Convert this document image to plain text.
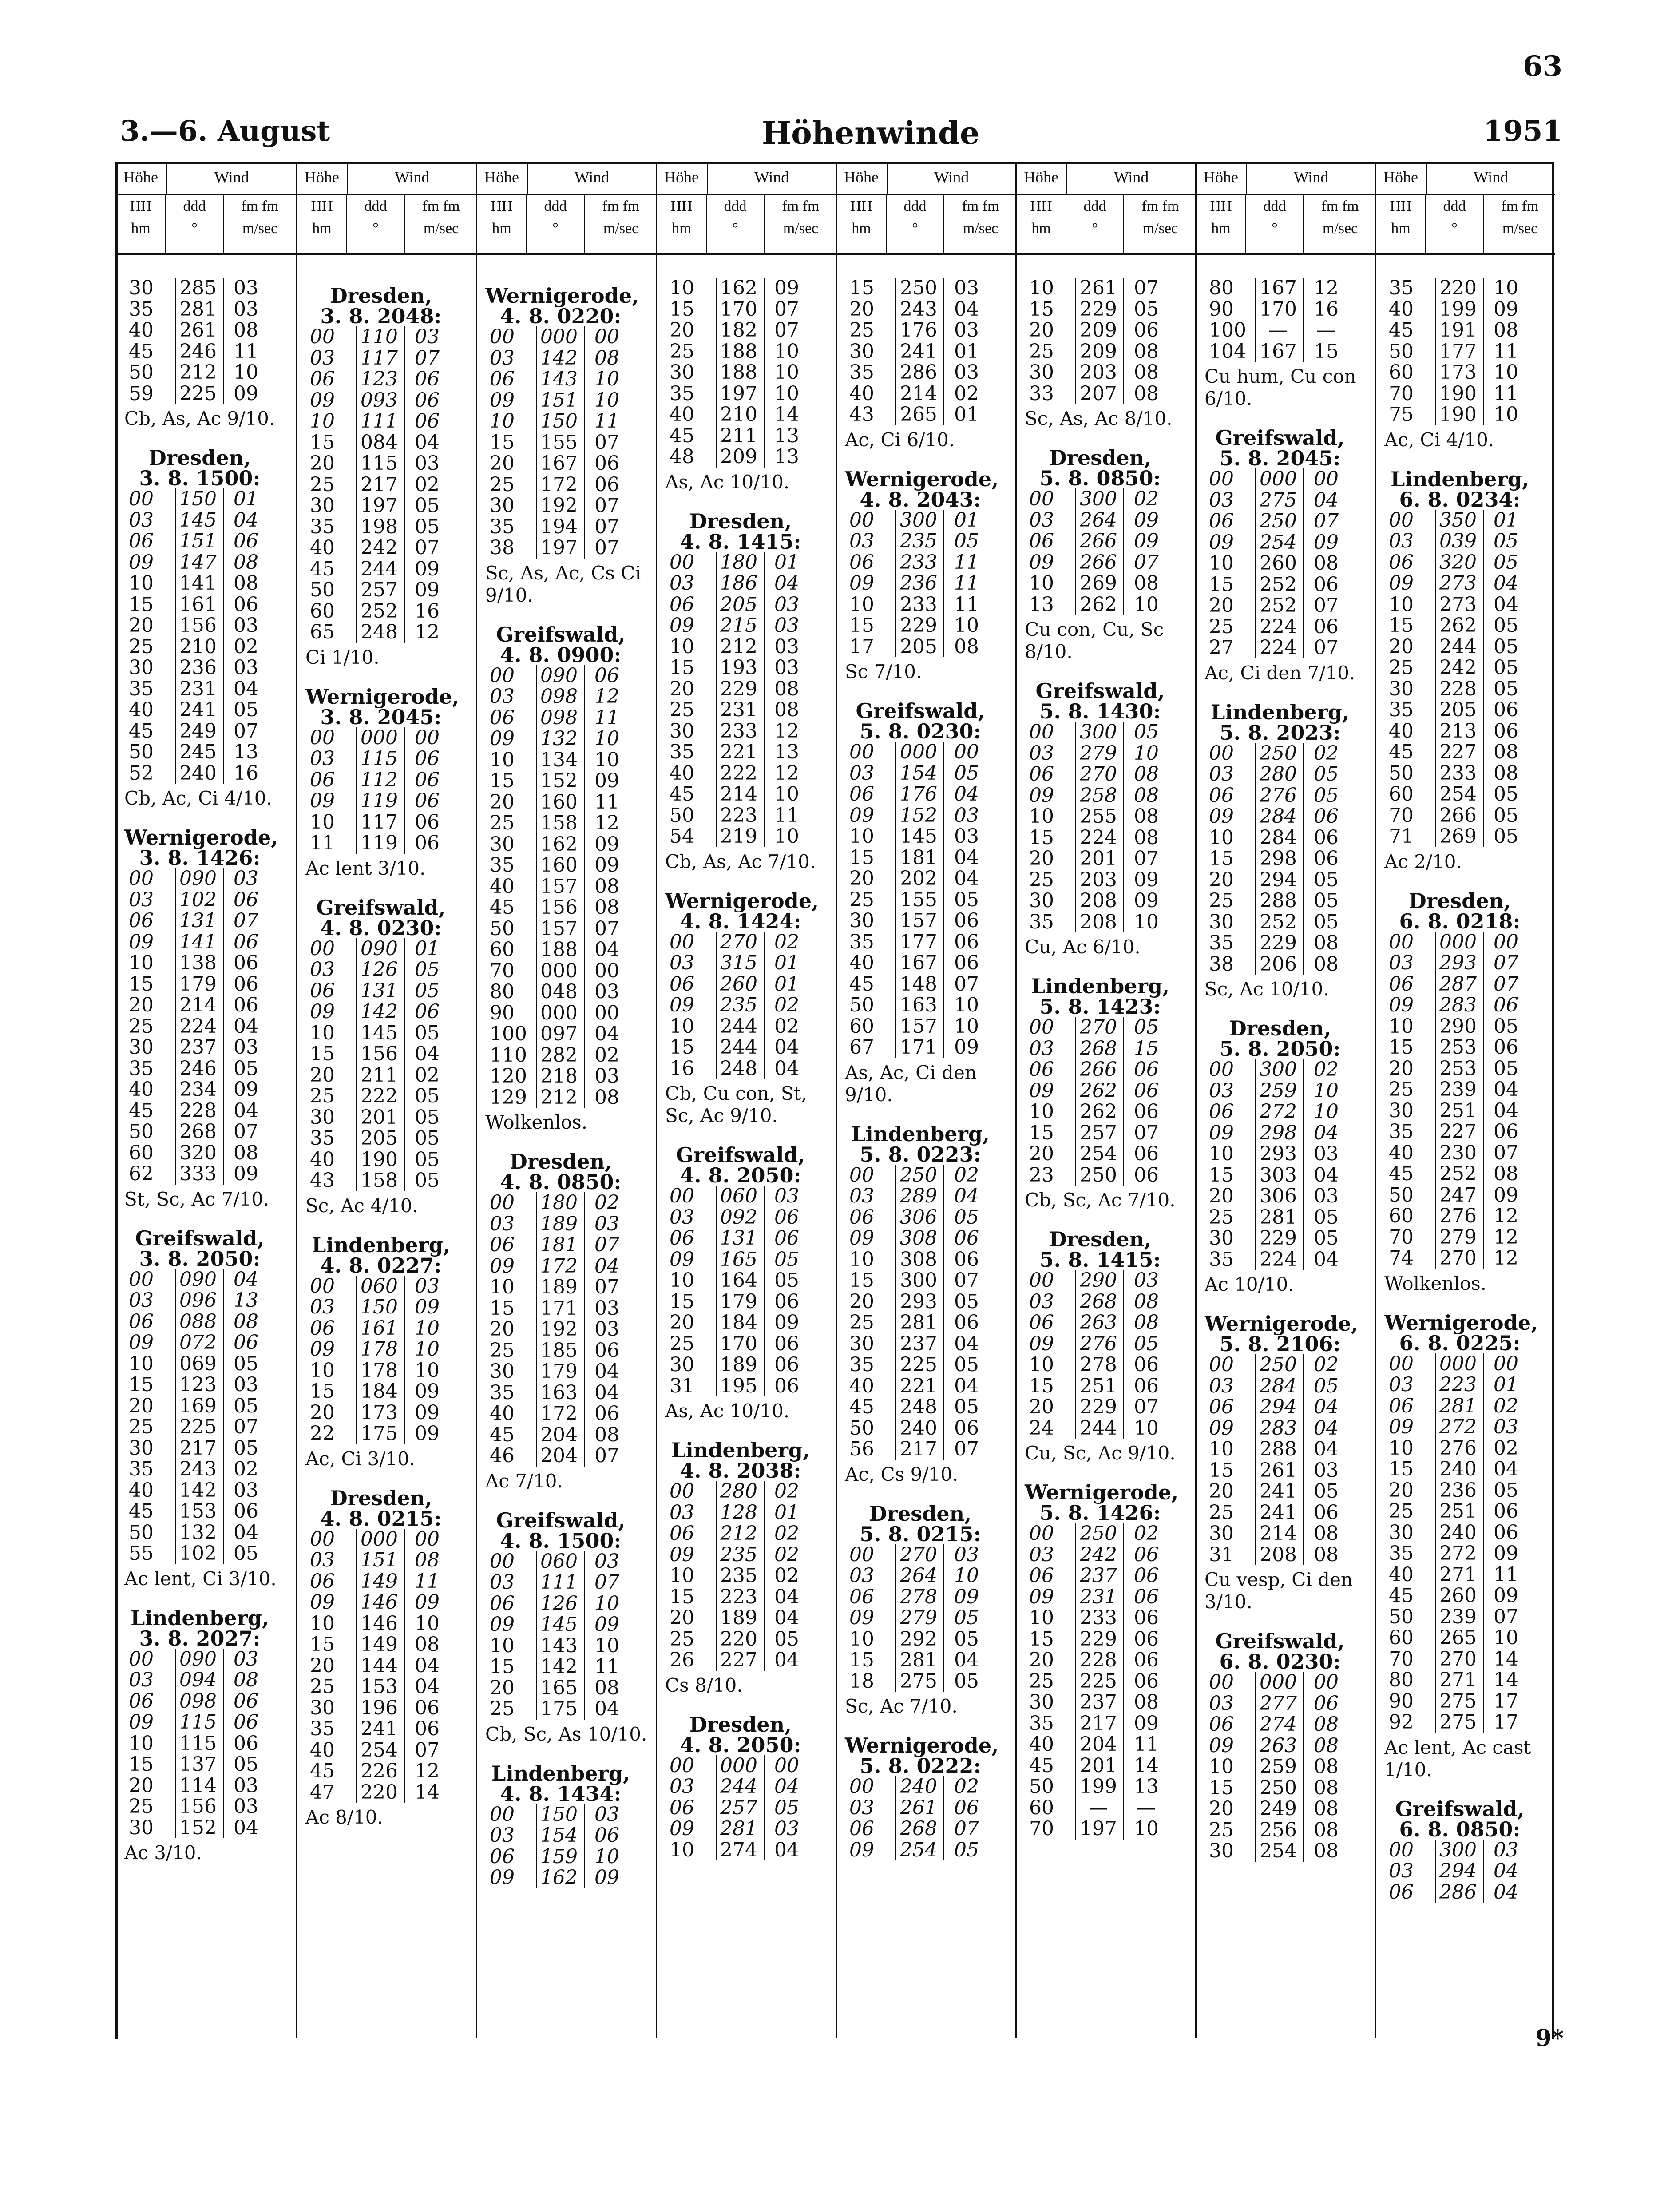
63
3.—6. August	Höhenwinde	1951
Höhe	Wind
HH
hm
ddd
°
fm fm
m/sec
30	285 03
35	281 03
40	261 08
45	246 11
50	212 10
59	225 09
Cb, As, Ac 9/10.
Dresden,
3. 8. 1500:
00	150 01
03	145 04
06	151 06
09	147 08
10	141 08
15	161 06
20	156 03
25	210 02
30	236 03
35	231 04
40	241 05
45	249 07
50	245 13
52	240 16
Cb, Ac, Ci 4/10.
Wernigerode,
3. 8. 1426:
00	090 03
03	102 06
06	131 07
09	141 06
10	138 06
15	179 06
20	214 06
25	224 04
30	237 03
35	246 05
40	234 09
45	228 04
50	268 07
60	320 08
62	333 09
St, Sc, Ac 7/10.
Greifswald,
3. 8. 2050:
00	090 04
03	096 13
06	088 08
09	072 06
10	069 05
15	123 03
20	169 05
25	225 07
30	217 05
35	243 02
40	142 03
45	153 06
50	132 04
55	102 05
Ac lent, Ci 3/10.
Lindenberg,
3. 8. 2027:
00	090 03
03	094 08
06	098 06
09	115 06
10	115 06
15	137 05
20	114 03
25	156 03
30	152 04
Ac 3/10.
Höhe	Wind
HH
hm
ddd
°
fm fm
m/sec
Dresden,
3. 8. 2048:
00	110 03
03	117 07
06	123 06
09	093 06
10	111 06
15	084 04
20	115 03
25	217 02
30	197 05
35	198 05
40	242 07
45	244 09
50	257 09
60	252 16
65	248 12
Ci 1/10.
Wernigerode,
3. 8. 2045:
00	000 00
03	115 06
06	112 06
09	119 06
10	117 06
11	119 06
Ac lent 3/10.
Greifswald,
4. 8. 0230:
00	090 01
03	126 05
06	131 05
09	142 06
10	145 05
15	156 04
20	211 02
25	222 05
30	201 05
35	205 05
40	190 05
43	158 05
Sc, Ac 4/10.
Lindenberg,
4. 8. 0227:
00	060 03
03	150 09
06	161 10
09	178 10
10	178 10
15	184 09
20	173 09
22	175 09
Ac, Ci 3/10.
Dresden,
4. 8. 0215:
00	000 00
03	151 08
06	149 11
09	146 09
10	146 10
15	149 08
20	144 04
25	153 04
30	196 06
35	241 06
40	254 07
45	226 12
47	220 14
Ac 8/10.
Höhe	Wind
HH
hm
ddd
°
fm fm
m/sec
Wernigerode,
4. 8. 0220:
00	000 00
03	142 08
06	143 10
09	151 10
10	150 11
15	155 07
20	167 06
25	172 06
30	192 07
35	194 07
38	197 07
Sc, As, Ac, Cs Ci 9/10.
Greifswald,
4. 8. 0900:
00	090 06
03	098 12
06	098 11
09	132 10
10	134 10
15	152 09
20	160 11
25	158 12
30	162 09
35	160 09
40	157 08
45	156 08
50	157 07
60	188 04
70	000 00
80	048 03
90	000 00
100 097 04
110 282 02
120 218 03
129 212 08
Wolkenlos.
Dresden,
4. 8. 0850:
00	180 02
03	189 03
06	181 07
09	172 04
10	189 07
15	171 03
20	192 03
25	185 06
30	179 04
35	163 04
40	172 06
45	204 08
46	204 07
Ac 7/10.
Greifswald,
4. 8. 1500:
00	060 03
03	111 07
06	126 10
09	145 09
10	143 10
15	142 11
20	165 08
25	175 04
Cb, Sc, As 10/10.
Lindenberg,
4. 8. 1434:
00	150 03
03	154 06
06	159 10
09	162 09
Höhe	Wind
HH
hm
ddd
°
fm fm
m/sec
10	162 09
15	170 07
20	182 07
25	188 10
30	188 10
35	197 10
40	210 14
45	211 13
48	209 13
As, Ac 10/10.
Dresden,
4. 8. 1415:
00	180 01
03	186 04
06	205 03
09	215 03
10	212 03
15	193 03
20	229 08
25	231 08
30	233 12
35	221 13
40	222 12
45	214 10
50	223 11
54	219 10
Cb, As, Ac 7/10.
Wernigerode,
4. 8. 1424:
00	270 02
03	315 01
06	260 01
09	235 02
10	244 02
15	244 04
16	248 04
Cb, Cu con, St, Sc, Ac 9/10.
Greifswald,
4. 8. 2050:
00	060 03
03	092 06
06	131 06
09	165 05
10	164 05
15	179 06
20	184 09
25	170 06
30	189 06
31	195 06
As, Ac 10/10.
Lindenberg,
4. 8. 2038:
00	280 02
03	128 01
06	212 02
09	235 02
10	235 02
15	223 04
20	189 04
25	220 05
26	227 04
Cs 8/10.
Dresden,
4. 8. 2050:
00	000 00
03	244 04
06	257 05
09	281 03
10	274 04
Höhe	Wind
HH
hm
ddd
°
fm fm
m/sec
15	250 03
20	243 04
25	176 03
30	241 01
35	286 03
40	214 02
43	265 01
Ac, Ci 6/10.
Wernigerode,
4. 8. 2043:
00	300 01
03	235 05
06	233 11
09	236 11
10	233 11
15	229 10
17	205 08
Sc 7/10.
Greifswald,
5. 8. 0230:
00	000 00
03	154 05
06	176 04
09	152 03
10	145 03
15	181 04
20	202 04
25	155 05
30	157 06
35	177 06
40	167 06
45	148 07
50	163 10
60	157 10
67	171 09
As, Ac, Ci den 9/10.
Lindenberg,
5. 8. 0223:
00	250 02
03	289 04
06	306 05
09	308 06
10	308 06
15	300 07
20	293 05
25	281 06
30	237 04
35	225 05
40	221 04
45	248 05
50	240 06
56	217 07
Ac, Cs 9/10.
Dresden,
5. 8. 0215:
00	270 03
03	264 10
06	278 09
09	279 05
10	292 05
15	281 04
18	275 05
Sc, Ac 7/10.
Wernigerode,
5. 8. 0222:
00	240 02
03	261 06
06	268 07
09	254 05
Höhe	Wind
HH
hm
ddd
°
fm fm
m/sec
10	261 07
15	229 05
20	209 06
25	209 08
30	203 08
33	207 08
Sc, As, Ac 8/10.
Dresden,
5. 8. 0850:
00	300 02
03	264 09
06	266 09
09	266 07
10	269 08
13	262 10
Cu con, Cu, Sc 8/10.
Greifswald,
5. 8. 1430:
00	300 05
03	279 10
06	270 08
09	258 08
10	255 08
15	224 08
20	201 07
25	203 09
30	208 09
35	208 10
Cu, Ac 6/10.
Lindenberg,
5. 8. 1423:
00	270 05
03	268 15
06	266 06
09	262 06
10	262 06
15	257 07
20	254 06
23	250 06
Cb, Sc, Ac 7/10.
Dresden,
5. 8. 1415:
00	290 03
03	268 08
06	263 08
09	276 05
10	278 06
15	251 06
20	229 07
24	244 10
Cu, Sc, Ac 9/10.
Wernigerode,
5. 8. 1426:
00	250 02
03	242 06
06	237 06
09	231 06
10	233 06
15	229 06
20	228 06
25	225 06
30	237 08
35	217 09
40	204 11
45	201 14
50	199 13
60	—	—
70	197 10
Höhe	Wind
HH
hm
ddd
°
fm fm
m/sec
80	167 12
90	170 16
100	—	—
104 167 15
Cu hum, Cu con 6/10.
Greifswald,
5. 8. 2045:
00	000 00
03	275 04
06	250 07
09	254 09
10	260 08
15	252 06
20	252 07
25	224 06
27	224 07
Ac, Ci den 7/10.
Lindenberg,
5. 8. 2023:
00	250 02
03	280 05
06	276 05
09	284 06
10	284 06
15	298 06
20	294 05
25	288 05
30	252 05
35	229 08
38	206 08
Sc, Ac 10/10.
Dresden,
5. 8. 2050:
00	300 02
03	259 10
06	272 10
09	298 04
10	293 03
15	303 04
20	306 03
25	281 05
30	229 05
35	224 04
Ac 10/10.
Wernigerode,
5. 8. 2106:
00	250 02
03	284 05
06	294 04
09	283 04
10	288 04
15	261 03
20	241 05
25	241 06
30	214 08
31	208 08
Cu vesp, Ci den 3/10.
Greifswald,
6. 8. 0230:
00	000 00
03	277 06
06	274 08
09	263 08
10	259 08
15	250 08
20	249 08
25	256 08
30	254 08
Höhe	Wind
HH
hm
ddd
°
fm fm
m/sec
35	220 10
40	199 09
45	191 08
50	177 11
60	173 10
70	190 11
75	190 10
Ac, Ci 4/10.
Lindenberg,
6. 8. 0234:
00	350 01
03	039 05
06	320 05
09	273 04
10	273 04
15	262 05
20	244 05
25	242 05
30	228 05
35	205 06
40	213 06
45	227 08
50	233 08
60	254 05
70	266 05
71	269 05
Ac 2/10.
Dresden,
6. 8. 0218:
00	000 00
03	293 07
06	287 07
09	283 06
10	290 05
15	253 06
20	253 05
25	239 04
30	251 04
35	227 06
40	230 07
45	252 08
50	247 09
60	276 12
70	279 12
74	270 12
Wolkenlos.
Wernigerode,
6. 8. 0225:
00	000 00
03	223 01
06	281 02
09	272 03
10	276 02
15	240 04
20	236 05
25	251 06
30	240 06
35	272 09
40	271 11
45	260 09
50	239 07
60	265 10
70	270 14
80	271 14
90	275 17
92	275 17
Ac lent, Ac cast 1/10.
Greifswald,
6. 8. 0850:
00	300 03
03	294 04
06	286 04
9*
